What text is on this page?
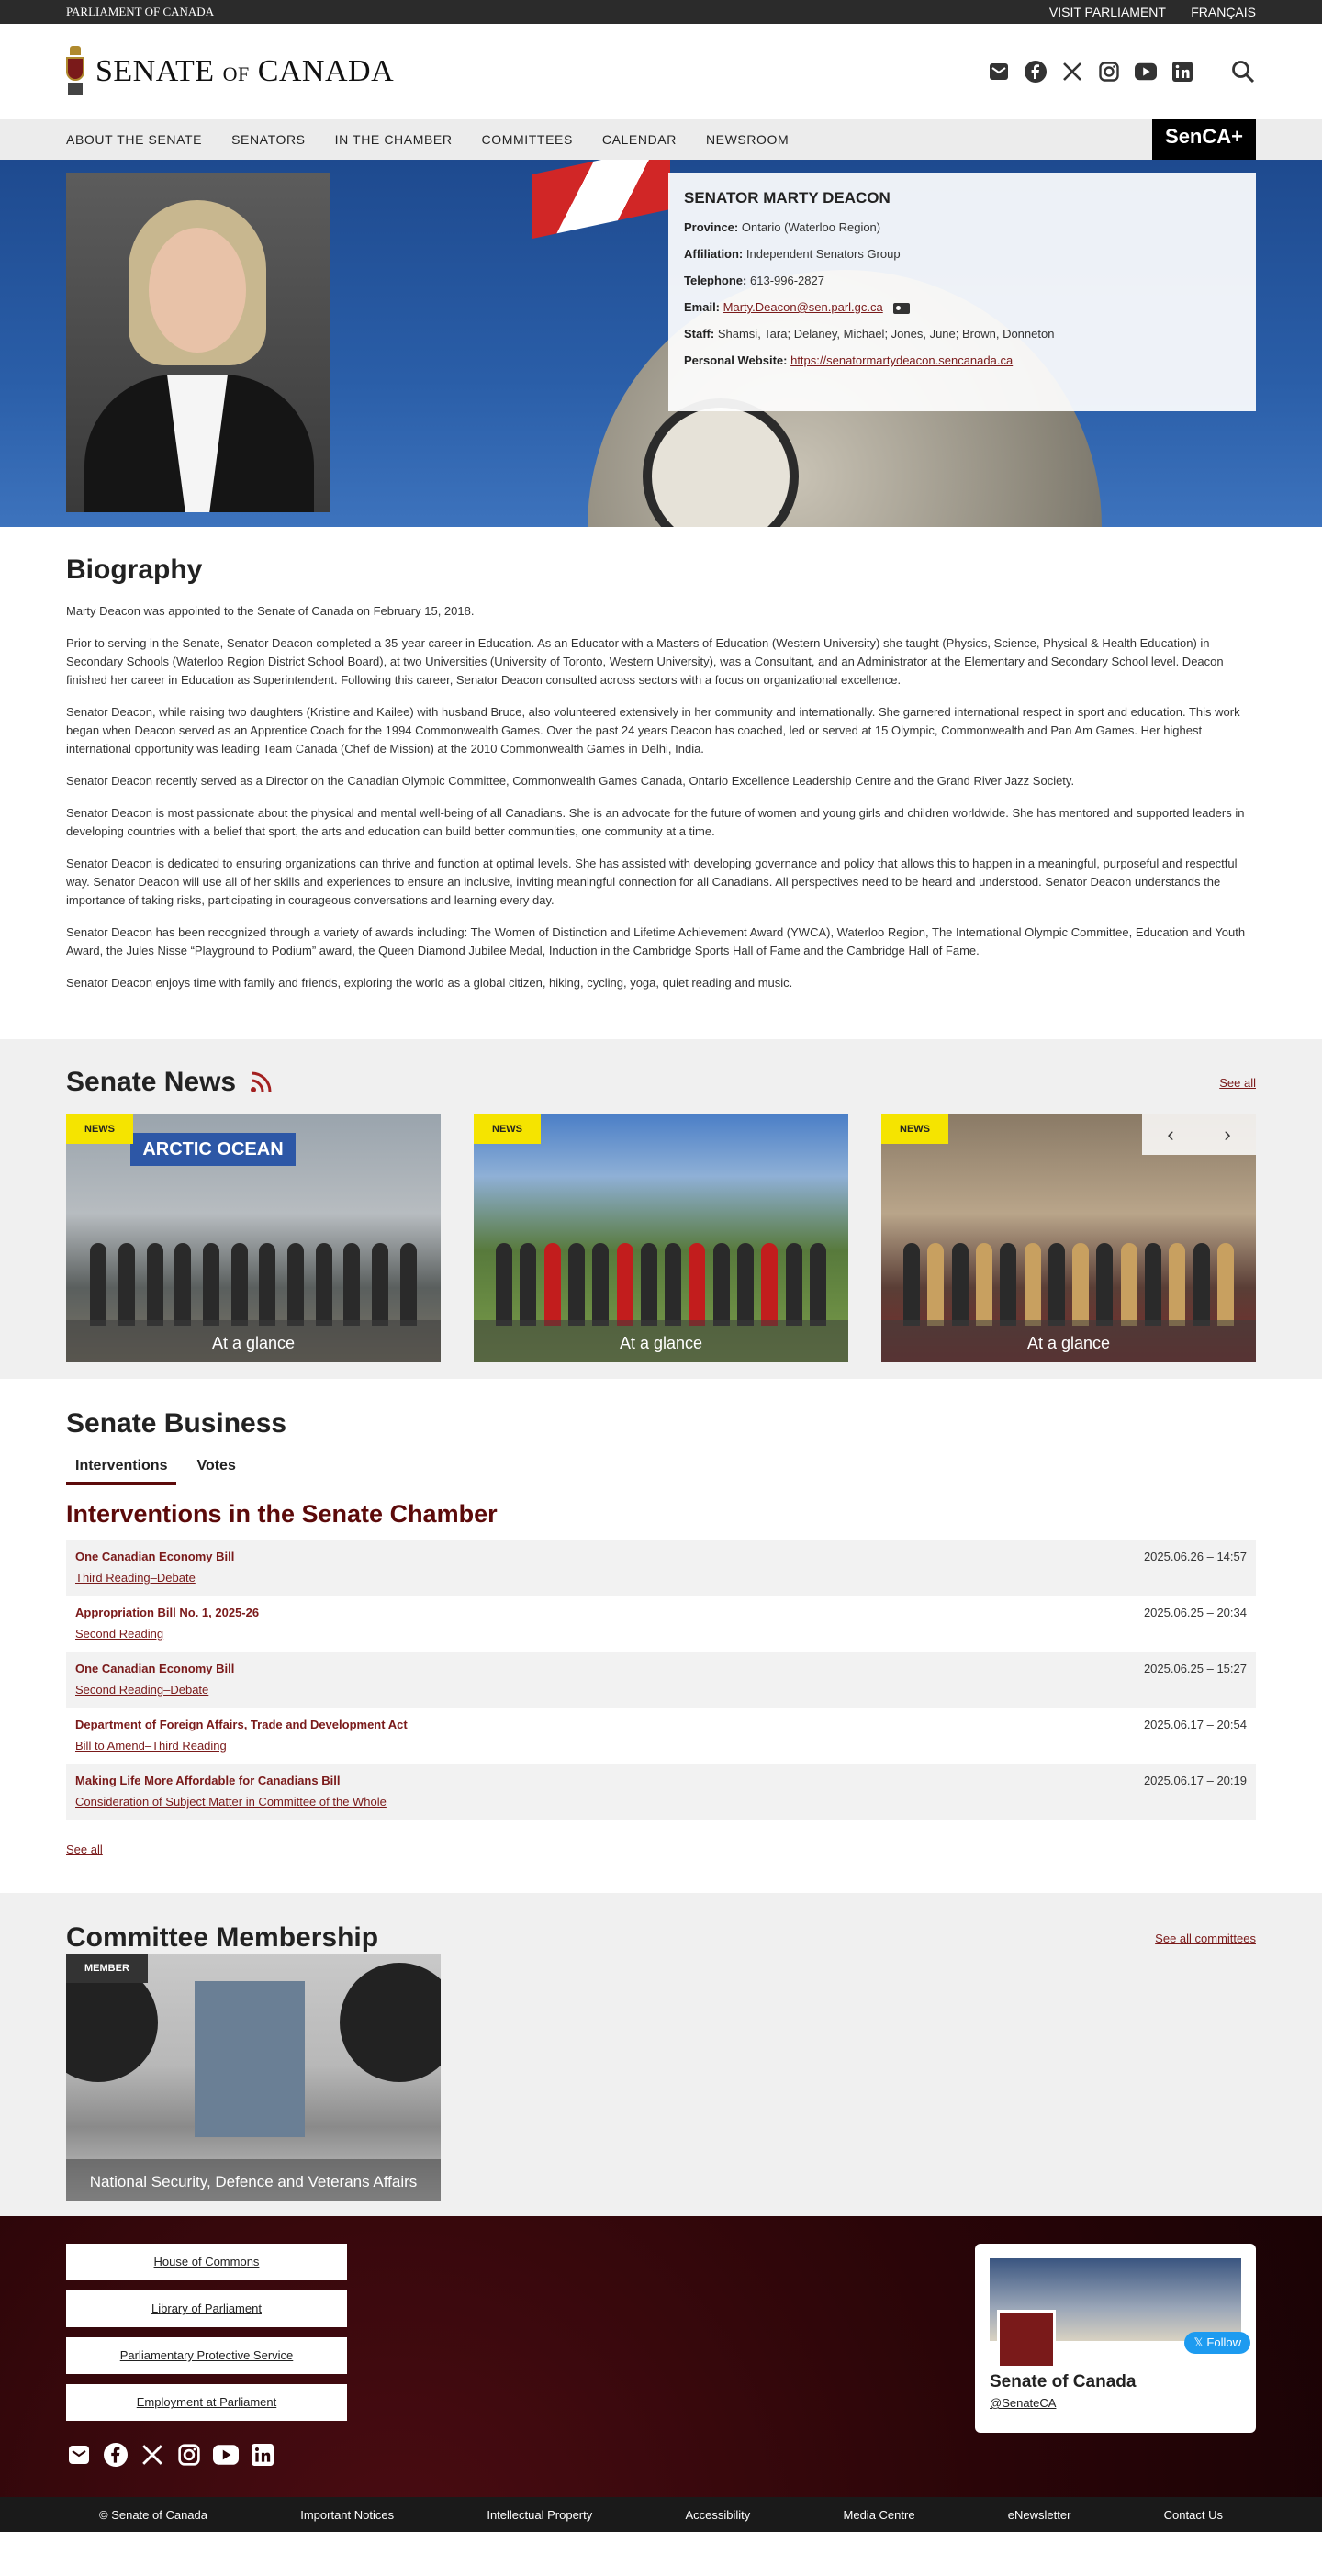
PARLIAMENT OF CANADA	VISIT PARLIAMENT FRANÇAIS
SENATE OF CANADA
ABOUT THE SENATE SENATORS IN THE CHAMBER COMMITTEES CALENDAR NEWSROOM	SenCA+
SENATOR MARTY DEACON
Province: Ontario (Waterloo Region)
Affiliation: Independent Senators Group
Telephone: 613-996-2827
Email: Marty.Deacon@sen.parl.gc.ca
Staff: Shamsi, Tara; Delaney, Michael; Jones, June; Brown, Donneton
Personal Website: https://senatormartydeacon.sencanada.ca
Biography

Marty Deacon was appointed to the Senate of Canada on February 15, 2018.

Prior to serving in the Senate, Senator Deacon completed a 35-year career in Education. As an Educator with a Masters of Education (Western University) she taught (Physics, Science, Physical & Health Education) in Secondary Schools (Waterloo Region District School Board), at two Universities (University of Toronto, Western University), was a Consultant, and an Administrator at the Elementary and Secondary School level. Deacon finished her career in Education as Superintendent. Following this career, Senator Deacon consulted across sectors with a focus on organizational excellence.

Senator Deacon, while raising two daughters (Kristine and Kailee) with husband Bruce, also volunteered extensively in her community and internationally. She garnered international respect in sport and education. This work began when Deacon served as an Apprentice Coach for the 1994 Commonwealth Games. Over the past 24 years Deacon has coached, led or served at 15 Olympic, Commonwealth and Pan Am Games. Her highest international opportunity was leading Team Canada (Chef de Mission) at the 2010 Commonwealth Games in Delhi, India.

Senator Deacon recently served as a Director on the Canadian Olympic Committee, Commonwealth Games Canada, Ontario Excellence Leadership Centre and the Grand River Jazz Society.

Senator Deacon is most passionate about the physical and mental well-being of all Canadians. She is an advocate for the future of women and young girls and children worldwide. She has mentored and supported leaders in developing countries with a belief that sport, the arts and education can build better communities, one community at a time.

Senator Deacon is dedicated to ensuring organizations can thrive and function at optimal levels. She has assisted with developing governance and policy that allows this to happen in a meaningful, purposeful and respectful way. Senator Deacon will use all of her skills and experiences to ensure an inclusive, inviting meaningful connection for all Canadians. All perspectives need to be heard and understood. Senator Deacon understands the importance of taking risks, participating in courageous conversations and learning every day.

Senator Deacon has been recognized through a variety of awards including: The Women of Distinction and Lifetime Achievement Award (YWCA), Waterloo Region, The International Olympic Committee, Education and Youth Award, the Jules Nisse “Playground to Podium” award, the Queen Diamond Jubilee Medal, Induction in the Cambridge Sports Hall of Fame and the Cambridge Hall of Fame.

Senator Deacon enjoys time with family and friends, exploring the world as a global citizen, hiking, cycling, yoga, quiet reading and music.

Senate News	See all
ARCTIC OCEAN
NEWS
At a glance
NEWS
At a glance
NEWS
At a glance
‹ ›
Senate Business
Interventions	Votes
Interventions in the Senate Chamber
One Canadian Economy Bill
Third Reading–Debate
2025.06.26 – 14:57
Appropriation Bill No. 1, 2025-26
Second Reading
2025.06.25 – 20:34
One Canadian Economy Bill
Second Reading–Debate
2025.06.25 – 15:27
Department of Foreign Affairs, Trade and Development Act
Bill to Amend–Third Reading
2025.06.17 – 20:54
Making Life More Affordable for Canadians Bill
Consideration of Subject Matter in Committee of the Whole
2025.06.17 – 20:19
See all
Committee Membership	See all committees
MEMBER
National Security, Defence and Veterans Affairs
House of Commons
Library of Parliament
Parliamentary Protective Service
Employment at Parliament
𝕏 Follow
Senate of Canada
@SenateCA
© Senate of Canada	Important Notices	Intellectual Property	Accessibility	Media Centre	eNewsletter	Contact Us
